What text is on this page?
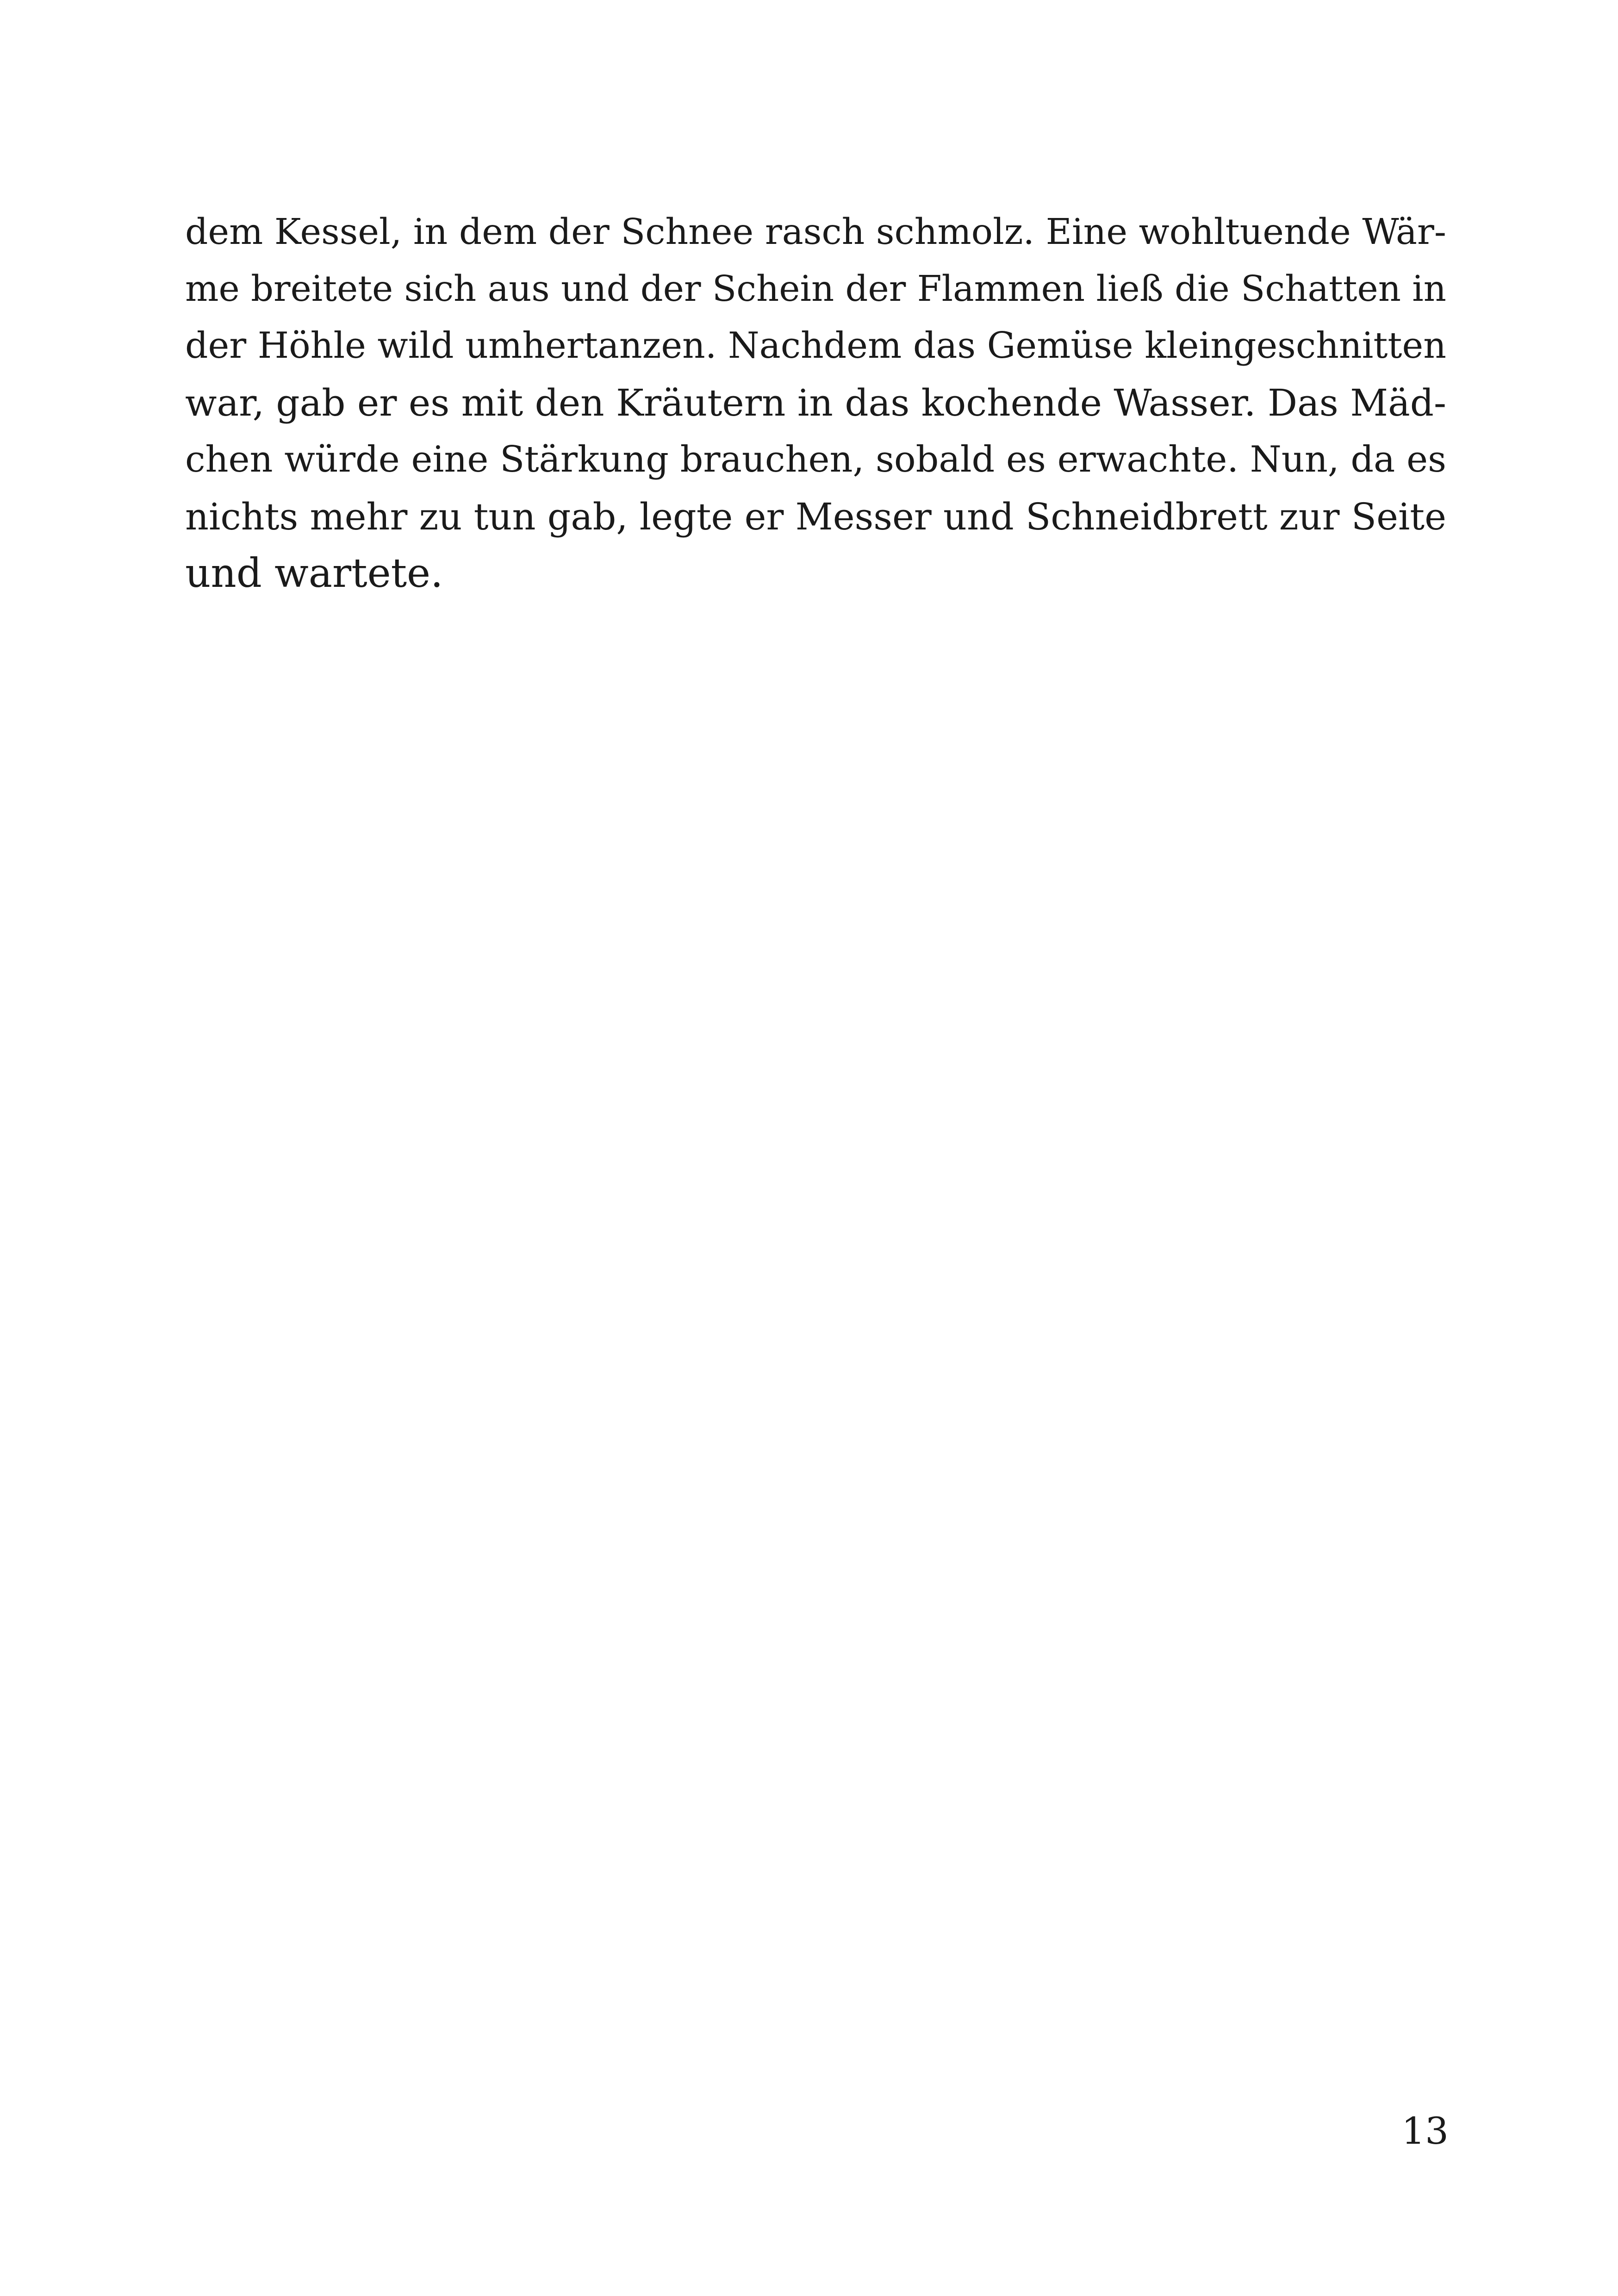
dem Kessel, in dem der Schnee rasch schmolz. Eine wohltuende Wär-
me breitete sich aus und der Schein der Flammen ließ die Schatten in
der Höhle wild umhertanzen. Nachdem das Gemüse kleingeschnitten
war, gab er es mit den Kräutern in das kochende Wasser. Das Mäd-
chen würde eine Stärkung brauchen, sobald es erwachte. Nun, da es
nichts mehr zu tun gab, legte er Messer und Schneidbrett zur Seite
und wartete.
13
